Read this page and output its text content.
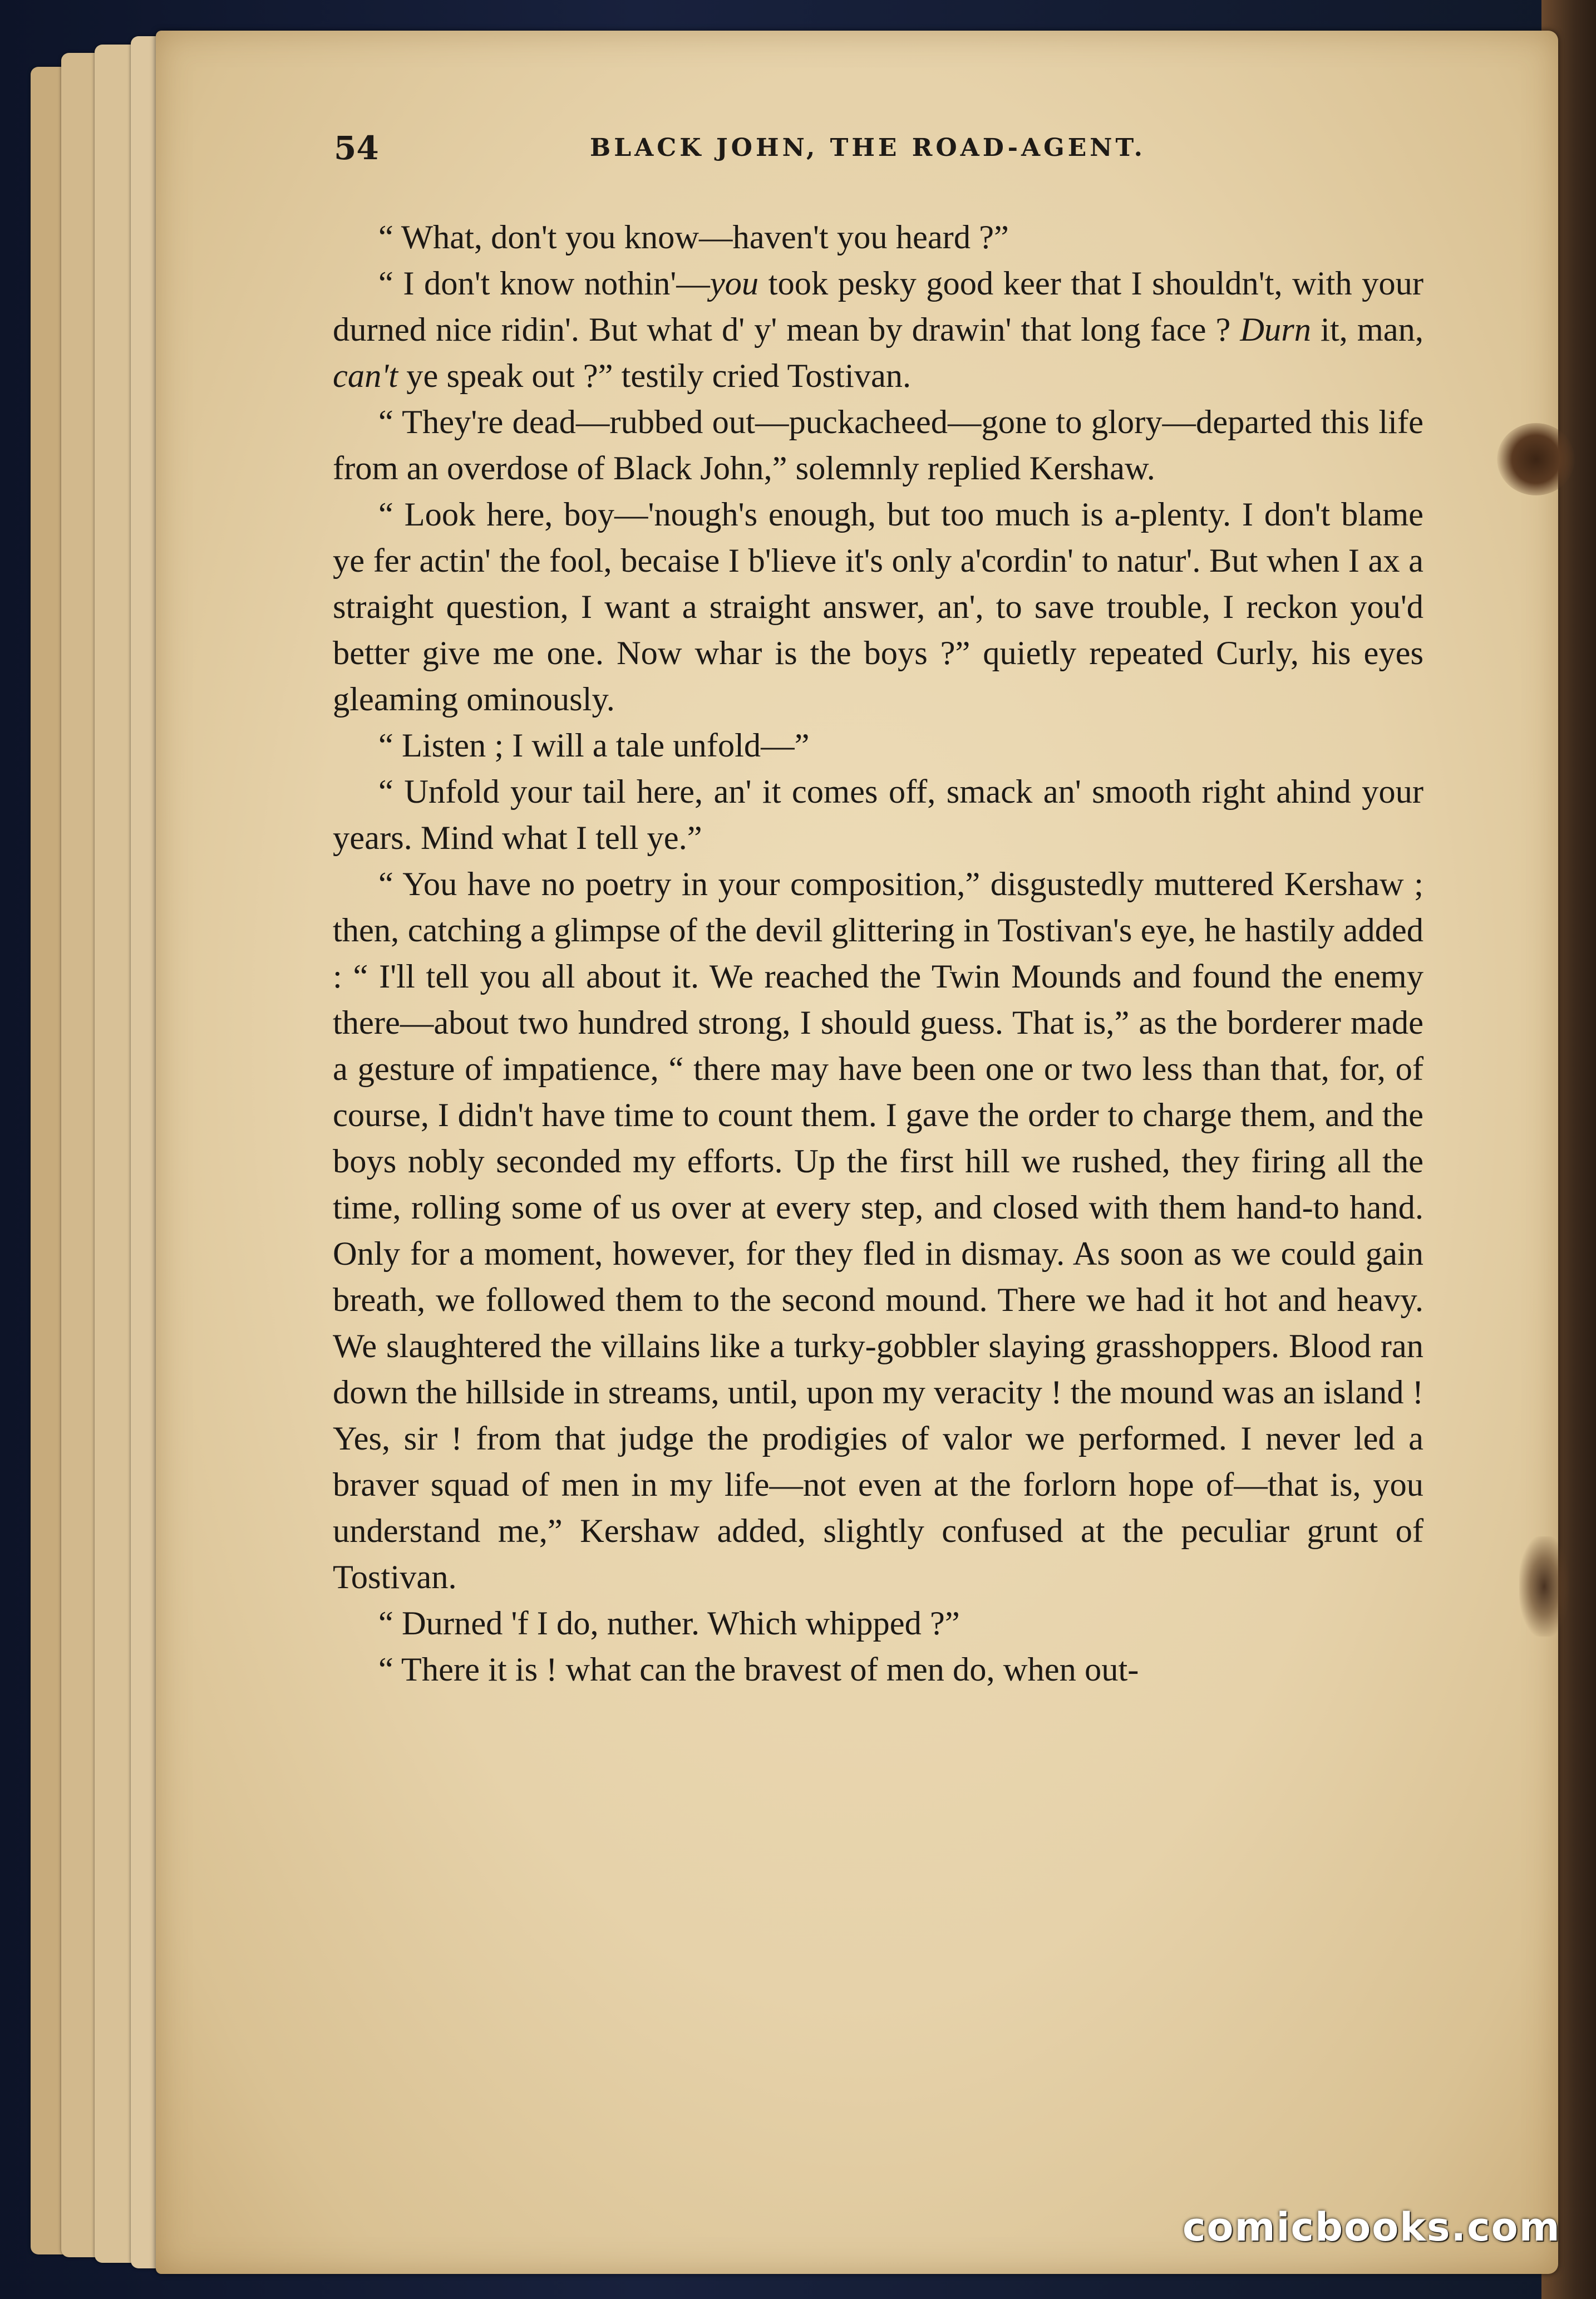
54	BLACK JOHN, THE ROAD-AGENT.

“ What, don't you know—haven't you heard ?”

“ I don't know nothin'—you took pesky good keer that I shouldn't, with your durned nice ridin'. But what d' y' mean by drawin' that long face ? Durn it, man, can't ye speak out ?” testily cried Tostivan.

“ They're dead—rubbed out—puckacheed—gone to glory—departed this life from an overdose of Black John,” solemnly replied Kershaw.

“ Look here, boy—'nough's enough, but too much is a-plenty. I don't blame ye fer actin' the fool, becaise I b'lieve it's only a'cordin' to natur'. But when I ax a straight question, I want a straight answer, an', to save trouble, I reckon you'd better give me one. Now whar is the boys ?” quietly repeated Curly, his eyes gleaming ominously.

“ Listen ; I will a tale unfold—”

“ Unfold your tail here, an' it comes off, smack an' smooth right ahind your years. Mind what I tell ye.”

“ You have no poetry in your composition,” disgustedly muttered Kershaw ; then, catching a glimpse of the devil glittering in Tostivan's eye, he hastily added : “ I'll tell you all about it. We reached the Twin Mounds and found the enemy there—about two hundred strong, I should guess. That is,” as the borderer made a gesture of impatience, “ there may have been one or two less than that, for, of course, I didn't have time to count them. I gave the order to charge them, and the boys nobly seconded my efforts. Up the first hill we rushed, they firing all the time, rolling some of us over at every step, and closed with them hand-to hand. Only for a moment, however, for they fled in dismay. As soon as we could gain breath, we followed them to the second mound. There we had it hot and heavy. We slaughtered the villains like a turky-gobbler slaying grasshoppers. Blood ran down the hillside in streams, until, upon my veracity ! the mound was an island ! Yes, sir ! from that judge the prodigies of valor we performed. I never led a braver squad of men in my life—not even at the forlorn hope of—that is, you understand me,” Kershaw added, slightly confused at the peculiar grunt of Tostivan.

“ Durned 'f I do, nuther. Which whipped ?”

“ There it is ! what can the bravest of men do, when out-

comicbooks.com
